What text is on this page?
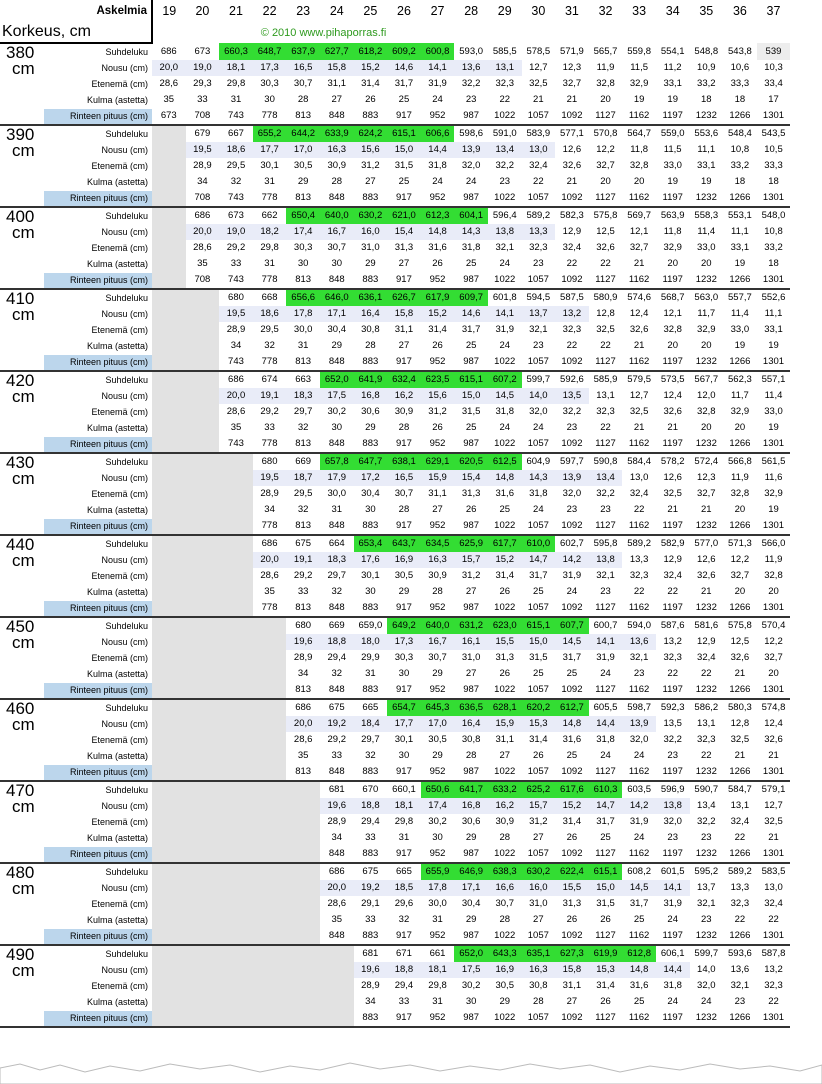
Askelmia	19	20	21	22	23	24	25	26	27	28	29	30	31	32	33	34	35	36	37
Korkeus, cm				© 2010 www.pihaporras.fi															

380 Suhdeluku	686	673	660,3	648,7	637,9	627,7	618,2	609,2	600,8	593,0	585,5	578,5	571,9	565,7	559,8	554,1	548,8	543,8	539

cm Nousu (cm)	20,0	19,0	18,1	17,3	16,5	15,8	15,2	14,6	14,1	13,6	13,1	12,7	12,3	11,9	11,5	11,2	10,9	10,6	10,3

Etenemä (cm)	28,6	29,3	29,8	30,3	30,7	31,1	31,4	31,7	31,9	32,2	32,3	32,5	32,7	32,8	32,9	33,1	33,2	33,3	33,4

Kulma (astetta)	35	33	31	30	28	27	26	25	24	23	22	21	21	20	19	19	18	18	17

Rinteen pituus (cm)	673	708	743	778	813	848	883	917	952	987	1022	1057	1092	1127	1162	1197	1232	1266	1301

390 Suhdeluku		679	667	655,2	644,2	633,9	624,2	615,1	606,6	598,6	591,0	583,9	577,1	570,8	564,7	559,0	553,6	548,4	543,5

cm Nousu (cm)		19,5	18,6	17,7	17,0	16,3	15,6	15,0	14,4	13,9	13,4	13,0	12,6	12,2	11,8	11,5	11,1	10,8	10,5

Etenemä (cm)		28,9	29,5	30,1	30,5	30,9	31,2	31,5	31,8	32,0	32,2	32,4	32,6	32,7	32,8	33,0	33,1	33,2	33,3

Kulma (astetta)		34	32	31	29	28	27	25	24	24	23	22	21	20	20	19	19	18	18

Rinteen pituus (cm)		708	743	778	813	848	883	917	952	987	1022	1057	1092	1127	1162	1197	1232	1266	1301

400 Suhdeluku		686	673	662	650,4	640,0	630,2	621,0	612,3	604,1	596,4	589,2	582,3	575,8	569,7	563,9	558,3	553,1	548,0

cm Nousu (cm)		20,0	19,0	18,2	17,4	16,7	16,0	15,4	14,8	14,3	13,8	13,3	12,9	12,5	12,1	11,8	11,4	11,1	10,8

Etenemä (cm)		28,6	29,2	29,8	30,3	30,7	31,0	31,3	31,6	31,8	32,1	32,3	32,4	32,6	32,7	32,9	33,0	33,1	33,2

Kulma (astetta)		35	33	31	30	30	29	27	26	25	24	23	22	22	21	20	20	19	18

Rinteen pituus (cm)		708	743	778	813	848	883	917	952	987	1022	1057	1092	1127	1162	1197	1232	1266	1301

410 Suhdeluku			680	668	656,6	646,0	636,1	626,7	617,9	609,7	601,8	594,5	587,5	580,9	574,6	568,7	563,0	557,7	552,6

cm Nousu (cm)			19,5	18,6	17,8	17,1	16,4	15,8	15,2	14,6	14,1	13,7	13,2	12,8	12,4	12,1	11,7	11,4	11,1

Etenemä (cm)			28,9	29,5	30,0	30,4	30,8	31,1	31,4	31,7	31,9	32,1	32,3	32,5	32,6	32,8	32,9	33,0	33,1

Kulma (astetta)			34	32	31	29	28	27	26	25	24	23	22	22	21	20	20	19	19

Rinteen pituus (cm)			743	778	813	848	883	917	952	987	1022	1057	1092	1127	1162	1197	1232	1266	1301

420 Suhdeluku			686	674	663	652,0	641,9	632,4	623,5	615,1	607,2	599,7	592,6	585,9	579,5	573,5	567,7	562,3	557,1

cm Nousu (cm)			20,0	19,1	18,3	17,5	16,8	16,2	15,6	15,0	14,5	14,0	13,5	13,1	12,7	12,4	12,0	11,7	11,4

Etenemä (cm)			28,6	29,2	29,7	30,2	30,6	30,9	31,2	31,5	31,8	32,0	32,2	32,3	32,5	32,6	32,8	32,9	33,0

Kulma (astetta)			35	33	32	30	29	28	26	25	24	24	23	22	21	21	20	20	19

Rinteen pituus (cm)			743	778	813	848	883	917	952	987	1022	1057	1092	1127	1162	1197	1232	1266	1301

430 Suhdeluku				680	669	657,8	647,7	638,1	629,1	620,5	612,5	604,9	597,7	590,8	584,4	578,2	572,4	566,8	561,5

cm Nousu (cm)				19,5	18,7	17,9	17,2	16,5	15,9	15,4	14,8	14,3	13,9	13,4	13,0	12,6	12,3	11,9	11,6

Etenemä (cm)				28,9	29,5	30,0	30,4	30,7	31,1	31,3	31,6	31,8	32,0	32,2	32,4	32,5	32,7	32,8	32,9

Kulma (astetta)				34	32	31	30	28	27	26	25	24	23	23	22	21	21	20	19

Rinteen pituus (cm)				778	813	848	883	917	952	987	1022	1057	1092	1127	1162	1197	1232	1266	1301

440 Suhdeluku				686	675	664	653,4	643,7	634,5	625,9	617,7	610,0	602,7	595,8	589,2	582,9	577,0	571,3	566,0

cm Nousu (cm)				20,0	19,1	18,3	17,6	16,9	16,3	15,7	15,2	14,7	14,2	13,8	13,3	12,9	12,6	12,2	11,9

Etenemä (cm)				28,6	29,2	29,7	30,1	30,5	30,9	31,2	31,4	31,7	31,9	32,1	32,3	32,4	32,6	32,7	32,8

Kulma (astetta)				35	33	32	30	29	28	27	26	25	24	23	22	22	21	20	20

Rinteen pituus (cm)				778	813	848	883	917	952	987	1022	1057	1092	1127	1162	1197	1232	1266	1301

450 Suhdeluku					680	669	659,0	649,2	640,0	631,2	623,0	615,1	607,7	600,7	594,0	587,6	581,6	575,8	570,4

cm Nousu (cm)					19,6	18,8	18,0	17,3	16,7	16,1	15,5	15,0	14,5	14,1	13,6	13,2	12,9	12,5	12,2

Etenemä (cm)					28,9	29,4	29,9	30,3	30,7	31,0	31,3	31,5	31,7	31,9	32,1	32,3	32,4	32,6	32,7

Kulma (astetta)					34	32	31	30	29	27	26	25	25	24	23	22	22	21	20

Rinteen pituus (cm)					813	848	883	917	952	987	1022	1057	1092	1127	1162	1197	1232	1266	1301

460 Suhdeluku					686	675	665	654,7	645,3	636,5	628,1	620,2	612,7	605,5	598,7	592,3	586,2	580,3	574,8

cm Nousu (cm)					20,0	19,2	18,4	17,7	17,0	16,4	15,9	15,3	14,8	14,4	13,9	13,5	13,1	12,8	12,4

Etenemä (cm)					28,6	29,2	29,7	30,1	30,5	30,8	31,1	31,4	31,6	31,8	32,0	32,2	32,3	32,5	32,6

Kulma (astetta)					35	33	32	30	29	28	27	26	25	24	24	23	22	21	21

Rinteen pituus (cm)					813	848	883	917	952	987	1022	1057	1092	1127	1162	1197	1232	1266	1301

470 Suhdeluku						681	670	660,1	650,6	641,7	633,2	625,2	617,6	610,3	603,5	596,9	590,7	584,7	579,1

cm Nousu (cm)						19,6	18,8	18,1	17,4	16,8	16,2	15,7	15,2	14,7	14,2	13,8	13,4	13,1	12,7

Etenemä (cm)						28,9	29,4	29,8	30,2	30,6	30,9	31,2	31,4	31,7	31,9	32,0	32,2	32,4	32,5

Kulma (astetta)						34	33	31	30	29	28	27	26	25	24	23	23	22	21

Rinteen pituus (cm)						848	883	917	952	987	1022	1057	1092	1127	1162	1197	1232	1266	1301

480 Suhdeluku						686	675	665	655,9	646,9	638,3	630,2	622,4	615,1	608,2	601,5	595,2	589,2	583,5

cm Nousu (cm)						20,0	19,2	18,5	17,8	17,1	16,6	16,0	15,5	15,0	14,5	14,1	13,7	13,3	13,0

Etenemä (cm)						28,6	29,1	29,6	30,0	30,4	30,7	31,0	31,3	31,5	31,7	31,9	32,1	32,3	32,4

Kulma (astetta)						35	33	32	31	29	28	27	26	26	25	24	23	22	22

Rinteen pituus (cm)						848	883	917	952	987	1022	1057	1092	1127	1162	1197	1232	1266	1301

490 Suhdeluku							681	671	661	652,0	643,3	635,1	627,3	619,9	612,8	606,1	599,7	593,6	587,8

cm Nousu (cm)							19,6	18,8	18,1	17,5	16,9	16,3	15,8	15,3	14,8	14,4	14,0	13,6	13,2

Etenemä (cm)							28,9	29,4	29,8	30,2	30,5	30,8	31,1	31,4	31,6	31,8	32,0	32,1	32,3

Kulma (astetta)							34	33	31	30	29	28	27	26	25	24	24	23	22

Rinteen pituus (cm)							883	917	952	987	1022	1057	1092	1127	1162	1197	1232	1266	1301
